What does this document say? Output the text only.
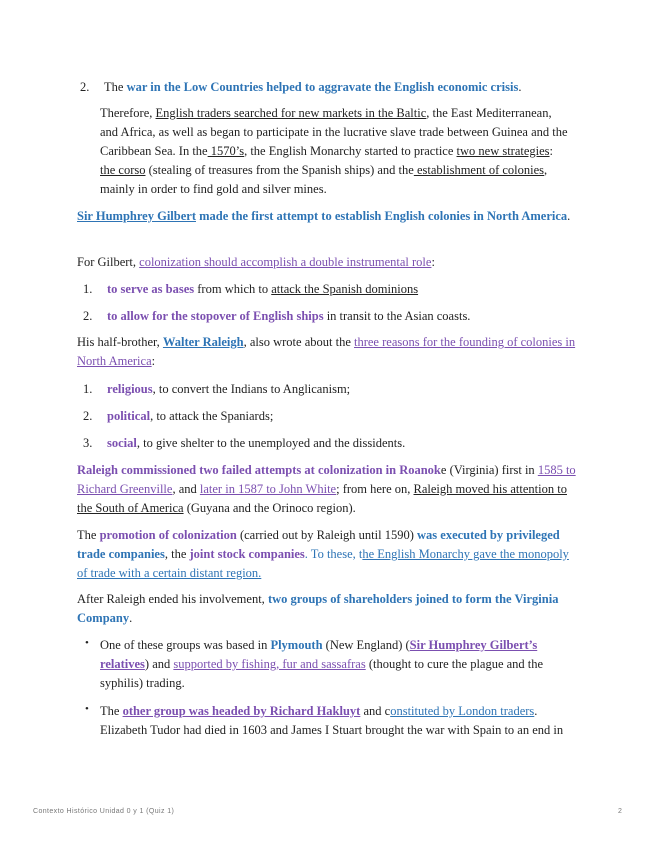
2. The war in the Low Countries helped to aggravate the English economic crisis.

Therefore, English traders searched for new markets in the Baltic, the East Mediterranean, and Africa, as well as began to participate in the lucrative slave trade between Guinea and the Caribbean Sea. In the 1570’s, the English Monarchy started to practice two new strategies: the corso (stealing of treasures from the Spanish ships) and the establishment of colonies, mainly in order to find gold and silver mines.

Sir Humphrey Gilbert made the first attempt to establish English colonies in North America.

For Gilbert, colonization should accomplish a double instrumental role:

1. to serve as bases from which to attack the Spanish dominions

2. to allow for the stopover of English ships in transit to the Asian coasts.

His half-brother, Walter Raleigh, also wrote about the three reasons for the founding of colonies in North America:

1. religious, to convert the Indians to Anglicanism;

2. political, to attack the Spaniards;

3. social, to give shelter to the unemployed and the dissidents.

Raleigh commissioned two failed attempts at colonization in Roanoke (Virginia) first in 1585 to Richard Greenville, and later in 1587 to John White; from here on, Raleigh moved his attention to the South of America (Guyana and the Orinoco region).

The promotion of colonization (carried out by Raleigh until 1590) was executed by privileged trade companies, the joint stock companies. To these, the English Monarchy gave the monopoly of trade with a certain distant region.

After Raleigh ended his involvement, two groups of shareholders joined to form the Virginia Company.

• One of these groups was based in Plymouth (New England) (Sir Humphrey Gilbert’s relatives) and supported by fishing, fur and sassafras (thought to cure the plague and the syphilis) trading.

• The other group was headed by Richard Hakluyt and constituted by London traders. Elizabeth Tudor had died in 1603 and James I Stuart brought the war with Spain to an end in

Contexto Histórico Unidad 0 y 1 (Quiz 1)	2
